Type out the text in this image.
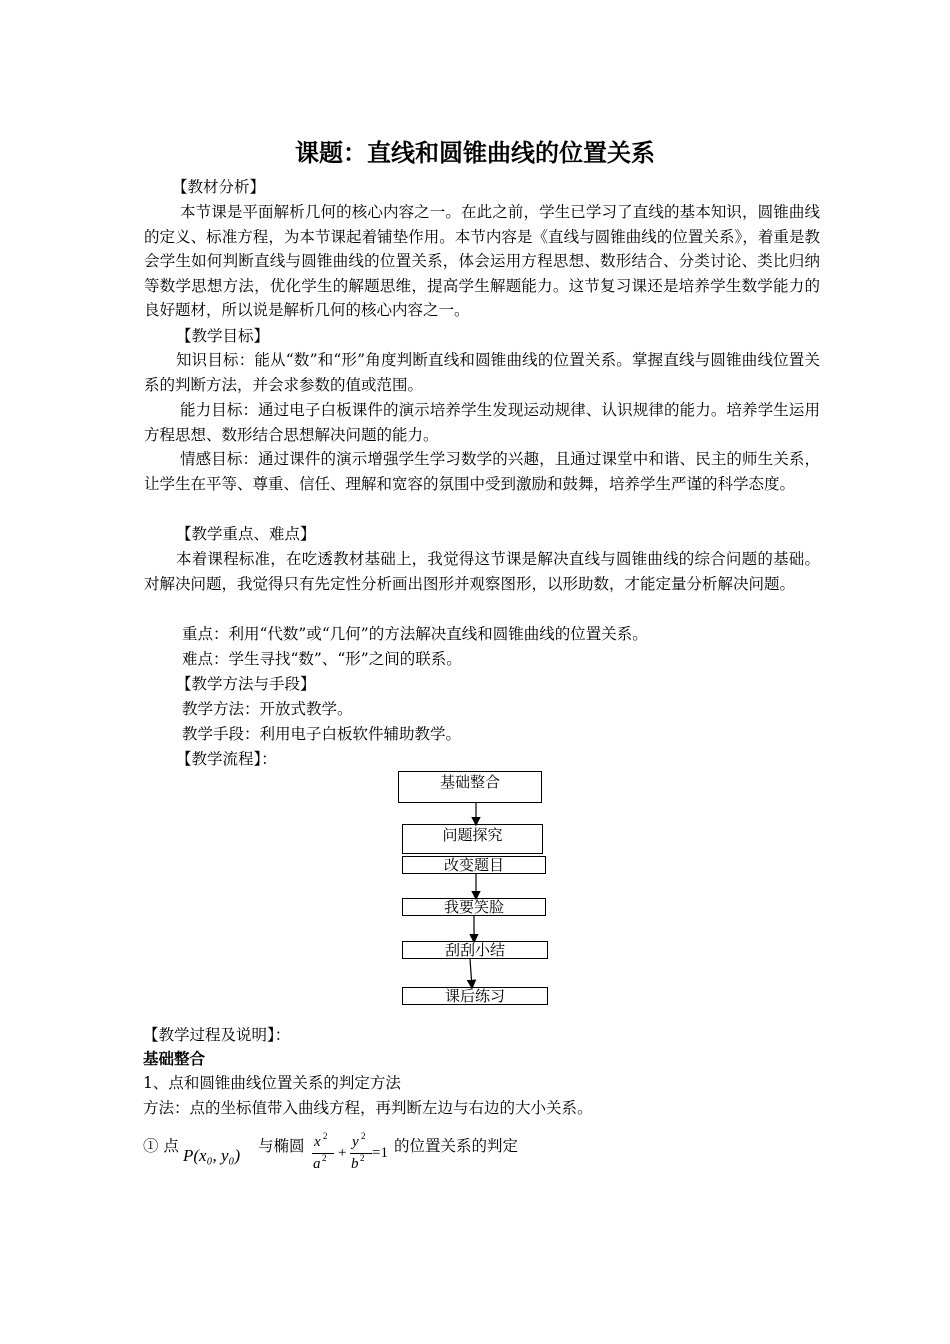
课题：直线和圆锥曲线的位置关系
【教材分析】
本节课是平面解析几何的核心内容之一。在此之前，学生已学习了直线的基本知识，圆锥曲线的定义、标准方程，为本节课起着铺垫作用。本节内容是《直线与圆锥曲线的位置关系》，着重是教会学生如何判断直线与圆锥曲线的位置关系，体会运用方程思想、数形结合、分类讨论、类比归纳等数学思想方法，优化学生的解题思维，提高学生解题能力。这节复习课还是培养学生数学能力的良好题材，所以说是解析几何的核心内容之一。
【教学目标】
知识目标：能从“数”和“形”角度判断直线和圆锥曲线的位置关系。掌握直线与圆锥曲线位置关系的判断方法，并会求参数的值或范围。
能力目标：通过电子白板课件的演示培养学生发现运动规律、认识规律的能力。培养学生运用方程思想、数形结合思想解决问题的能力。
情感目标：通过课件的演示增强学生学习数学的兴趣，且通过课堂中和谐、民主的师生关系，让学生在平等、尊重、信任、理解和宽容的氛围中受到激励和鼓舞，培养学生严谨的科学态度。
【教学重点、难点】
本着课程标准，在吃透教材基础上，我觉得这节课是解决直线与圆锥曲线的综合问题的基础。对解决问题，我觉得只有先定性分析画出图形并观察图形，以形助数，才能定量分析解决问题。
重点：利用“代数”或“几何”的方法解决直线和圆锥曲线的位置关系。
难点：学生寻找“数”、“形”之间的联系。
【教学方法与手段】
教学方法：开放式教学。
教学手段：利用电子白板软件辅助教学。
【教学流程】：
基础整合
问题探究
改变题目
我要笑脸
刮刮小结
课后练习
【教学过程及说明】：
基础整合
1、点和圆锥曲线位置关系的判定方法
方法：点的坐标值带入曲线方程，再判断左边与右边的大小关系。
① 点 P(x₀, y₀) 与椭圆 x 2
a 2 +
y 2
b 2 =1 的位置关系的判定
